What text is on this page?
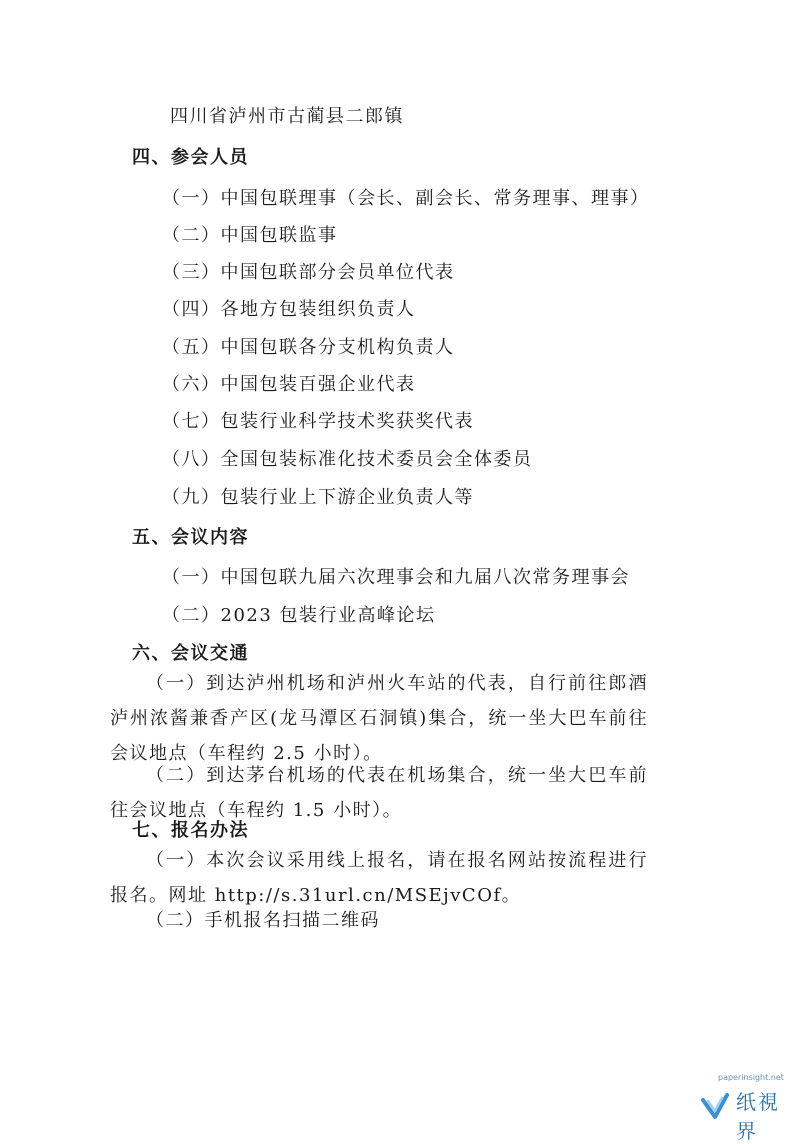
四川省泸州市古蔺县二郎镇
四、参会人员
（一）中国包联理事（会长、副会长、常务理事、理事）
（二）中国包联监事
（三）中国包联部分会员单位代表
（四）各地方包装组织负责人
（五）中国包联各分支机构负责人
（六）中国包装百强企业代表
（七）包装行业科学技术奖获奖代表
（八）全国包装标准化技术委员会全体委员
（九）包装行业上下游企业负责人等
五、会议内容
（一）中国包联九届六次理事会和九届八次常务理事会
（二）2023 包装行业高峰论坛
六、会议交通
（一）到达泸州机场和泸州火车站的代表，自行前往郎酒泸州浓酱兼香产区(龙马潭区石洞镇)集合，统一坐大巴车前往会议地点（车程约 2.5 小时）。
（二）到达茅台机场的代表在机场集合，统一坐大巴车前往会议地点（车程约 1.5 小时）。
七、报名办法
（一）本次会议采用线上报名，请在报名网站按流程进行报名。网址 http://s.31url.cn/MSEjvCOf。
（二）手机报名扫描二维码
paperinsight.net
纸視界
